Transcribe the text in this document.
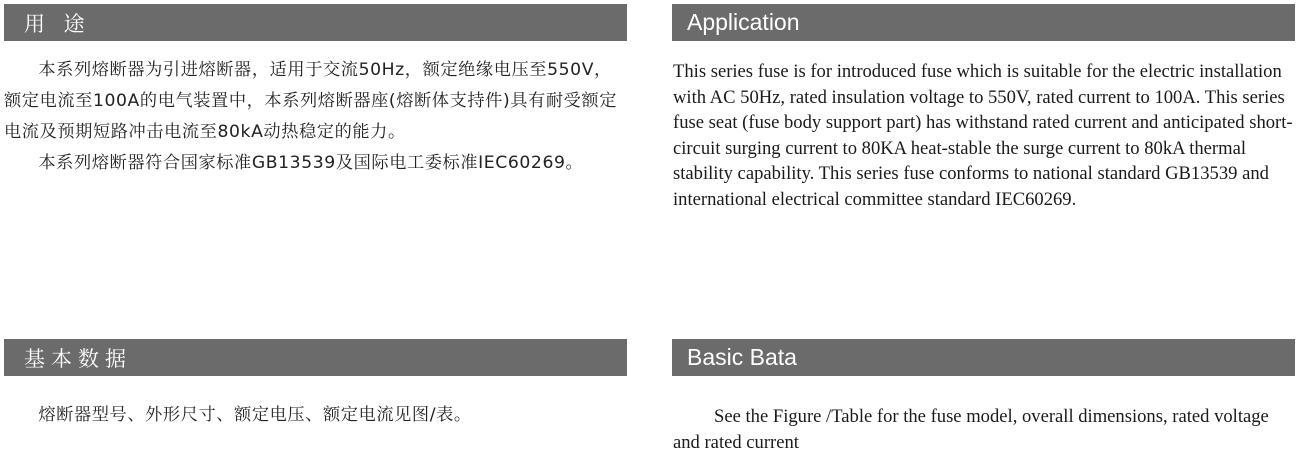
用 途	Application

本系列熔断器为引进熔断器，适用于交流50Hz，额定绝缘电压至550V，额定电流至100A的电气装置中，本系列熔断器座(熔断体支持件)具有耐受额定电流及预期短路冲击电流至80kA动热稳定的能力。

本系列熔断器符合国家标准GB13539及国际电工委标准IEC60269。

This series fuse is for introduced fuse which is suitable for the electric installation with AC 50Hz, rated insulation voltage to 550V, rated current to 100A. This series fuse seat (fuse body support part) has withstand rated current and anticipated short-circuit surging current to 80KA heat-stable the surge current to 80kA thermal stability capability. This series fuse conforms to national standard GB13539 and international electrical committee standard IEC60269.

基本数据	Basic Bata

熔断器型号、外形尺寸、额定电压、额定电流见图/表。	See the Figure /Table for the fuse model, overall dimensions, rated voltage and rated current
